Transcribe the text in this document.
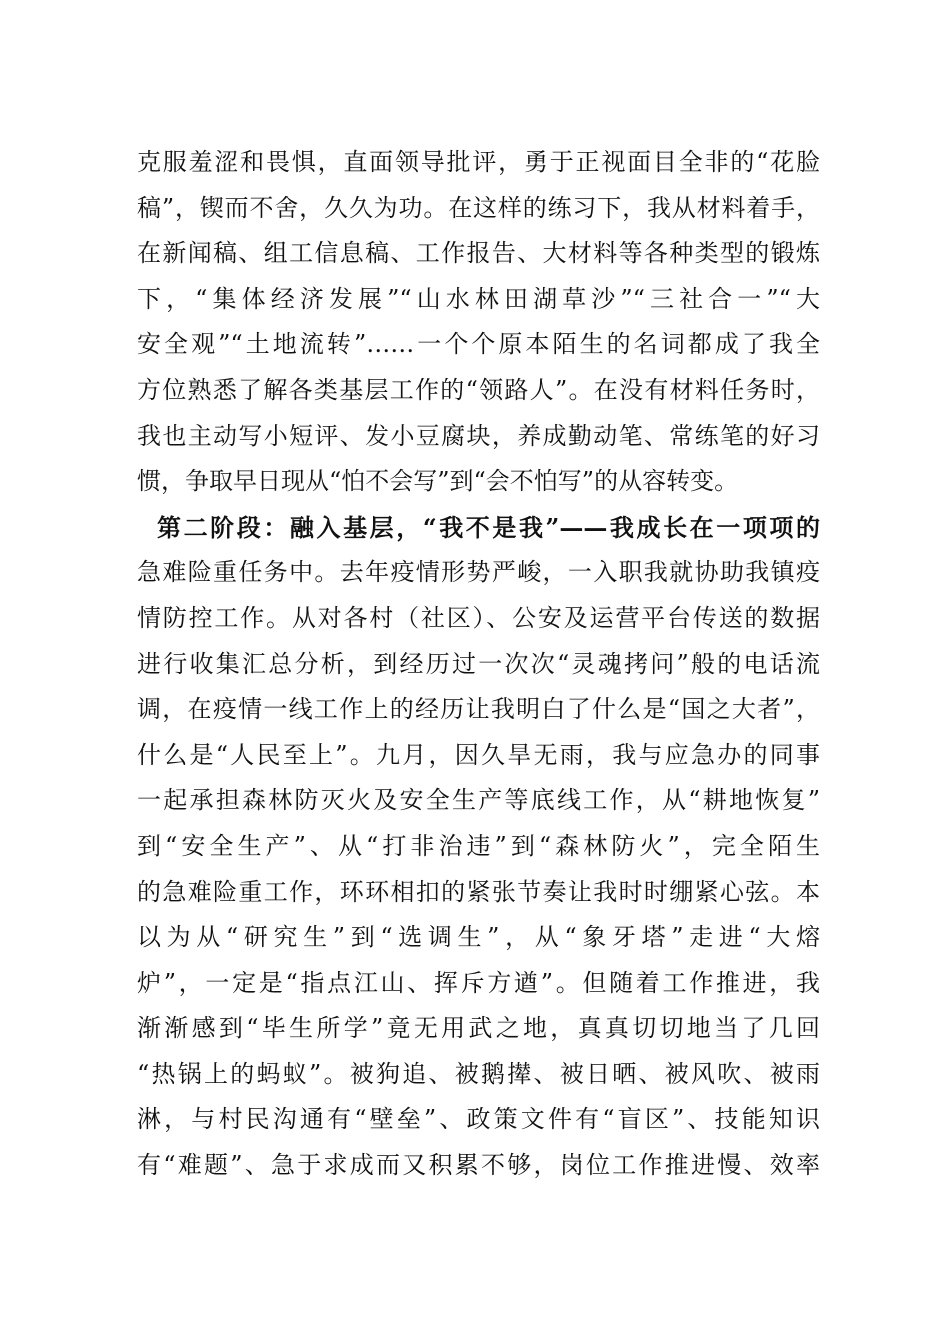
克服羞涩和畏惧，直面领导批评，勇于正视面目全非的“花脸
稿”，锲而不舍，久久为功。在这样的练习下，我从材料着手，
在新闻稿、组工信息稿、工作报告、大材料等各种类型的锻炼
下，“集体经济发展”“山水林田湖草沙”“三社合一”“大
安全观”“土地流转”……一个个原本陌生的名词都成了我全
方位熟悉了解各类基层工作的“领路人”。在没有材料任务时，
我也主动写小短评、发小豆腐块，养成勤动笔、常练笔的好习
惯，争取早日现从“怕不会写”到“会不怕写”的从容转变。
第二阶段：融入基层，“我不是我”——我成长在一项项的
急难险重任务中。去年疫情形势严峻，一入职我就协助我镇疫
情防控工作。从对各村（社区）、公安及运营平台传送的数据
进行收集汇总分析，到经历过一次次“灵魂拷问”般的电话流
调，在疫情一线工作上的经历让我明白了什么是“国之大者”，
什么是“人民至上”。九月，因久旱无雨，我与应急办的同事
一起承担森林防灭火及安全生产等底线工作，从“耕地恢复”
到“安全生产”、从“打非治违”到“森林防火”，完全陌生
的急难险重工作，环环相扣的紧张节奏让我时时绷紧心弦。本
以为从“研究生”到“选调生”，从“象牙塔”走进“大熔
炉”，一定是“指点江山、挥斥方遒”。但随着工作推进，我
渐渐感到“毕生所学”竟无用武之地，真真切切地当了几回
“热锅上的蚂蚁”。被狗追、被鹅撵、被日晒、被风吹、被雨
淋，与村民沟通有“壁垒”、政策文件有“盲区”、技能知识
有“难题”、急于求成而又积累不够，岗位工作推进慢、效率
